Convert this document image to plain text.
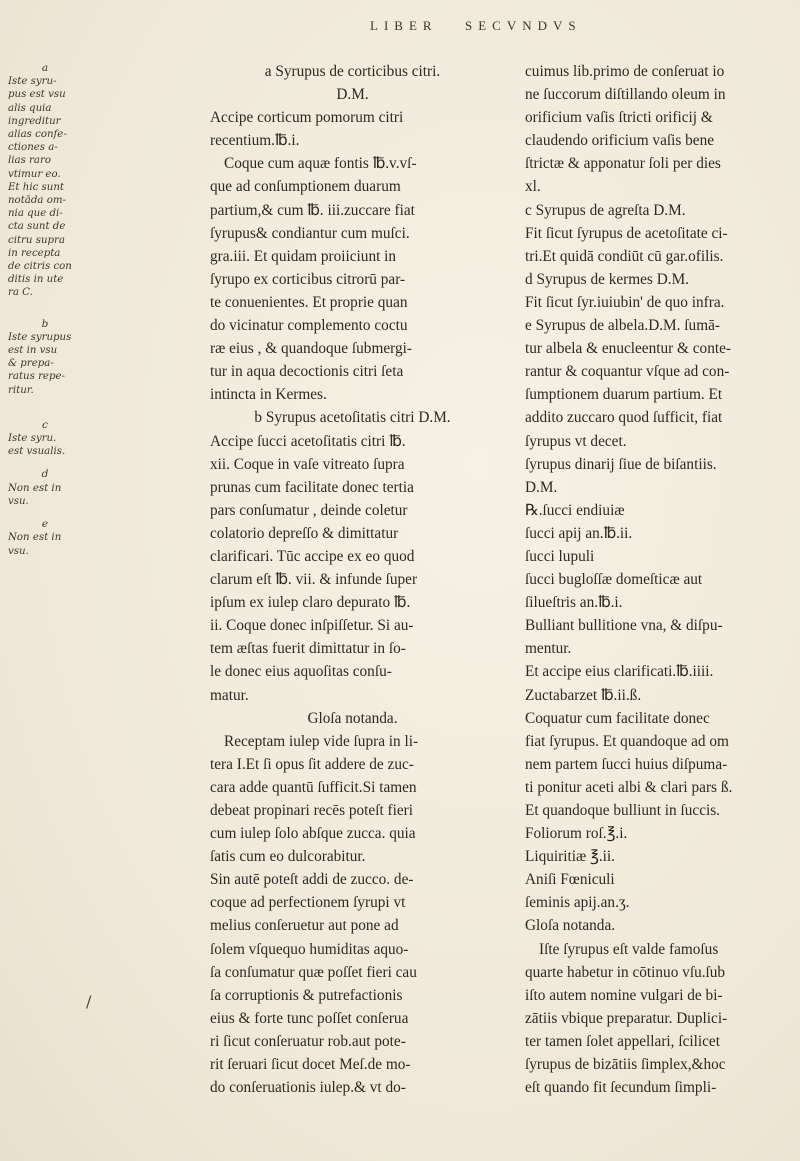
LIBER SECVNDVS
a
Iste syru-
pus est vsu
alis quia
ingreditur
alias confe-
ctiones a-
lias raro
vtimur eo.
Et hic sunt
notāda om-
nia que di-
cta sunt de
citru supra
in recepta
de citris con
ditis in ute
ra C.
b
Iste syrupus
est in vsu
& prepa-
ratus repe-
ritur.
c
Iste syru.
est vsualis.
d
Non est in
vsu.
e
Non est in
vsu.
a Syrupus de corticibus citri.
D.M.
Accipe corticum pomorum citri
recentium.℔.i.
Coque cum aquæ fontis ℔.v.vſ-
que ad conſumptionem duarum
partium,& cum ℔. iii.zuccare fiat
ſyrupus& condiantur cum muſci.
gra.iii. Et quidam proiiciunt in
ſyrupo ex corticibus citrorū par-
te conuenientes. Et proprie quan
do vicinatur complemento coctu
ræ eius , & quandoque ſubmergi-
tur in aqua decoctionis citri ſeta
intincta in Kermes.
b Syrupus acetoſitatis citri D.M.
Accipe ſucci acetoſitatis citri ℔.
xii. Coque in vaſe vitreato ſupra
prunas cum facilitate donec tertia
pars conſumatur , deinde coletur
colatorio depreſſo & dimittatur
clarificari. Tūc accipe ex eo quod
clarum eſt ℔. vii. & infunde ſuper
ipſum ex iulep claro depurato ℔.
ii. Coque donec inſpiſſetur. Si au-
tem æſtas fuerit dimittatur in ſo-
le donec eius aquoſitas conſu-
matur.
Gloſa notanda.
Receptam iulep vide ſupra in li-
tera I.Et ſi opus ſit addere de zuc-
cara adde quantū ſufficit.Si tamen
debeat propinari recēs poteſt fieri
cum iulep ſolo abſque zucca. quia
ſatis cum eo dulcorabitur.
Sin autē poteſt addi de zucco. de-
coque ad perfectionem ſyrupi vt
melius conſeruetur aut pone ad
ſolem vſquequo humiditas aquo-
ſa conſumatur quæ poſſet fieri cau
ſa corruptionis & putrefactionis
eius & forte tunc poſſet conſerua
ri ſicut conſeruatur rob.aut pote-
rit ſeruari ſicut docet Meſ.de mo-
do conſeruationis iulep.& vt do-
cuimus lib.primo de conſeruat io
ne ſuccorum diſtillando oleum in
orificium vaſis ſtricti orificij &
claudendo orificium vaſis bene
ſtrictæ & apponatur ſoli per dies
xl.
c Syrupus de agreſta D.M.
Fit ſicut ſyrupus de acetoſitate ci-
tri.Et quidā condiūt cū gar.ofilis.
d Syrupus de kermes D.M.
Fit ſicut ſyr.iuiubin' de quo infra.
e Syrupus de albela.D.M. ſumā-
tur albela & enucleentur & conte-
rantur & coquantur vſque ad con-
ſumptionem duarum partium. Et
addito zuccaro quod ſufficit, fiat
ſyrupus vt decet.
ſyrupus dinarij ſiue de biſantiis.
D.M.
℞.ſucci endiuiæ
ſucci apij an.℔.ii.
ſucci lupuli
ſucci bugloſſæ domeſticæ aut
ſilueſtris an.℔.i.
Bulliant bullitione vna, & diſpu-
mentur.
Et accipe eius clarificati.℔.iiii.
Zuctabarzet ℔.ii.ß.
Coquatur cum facilitate donec
fiat ſyrupus. Et quandoque ad om
nem partem ſucci huius diſpuma-
ti ponitur aceti albi & clari pars ß.
Et quandoque bulliunt in ſuccis.
Foliorum roſ.℥.i.
Liquiritiæ ℥.ii.
Aniſi Fœniculi
ſeminis apij.an.ʒ.
Gloſa notanda.
Iſte ſyrupus eſt valde famoſus
quarte habetur in cōtinuo vſu.ſub
iſto autem nomine vulgari de bi-
zātiis vbique preparatur. Duplici-
ter tamen ſolet appellari, ſcilicet
ſyrupus de bizātiis ſimplex,&hoc
eſt quando fit ſecundum ſimpli-
/
